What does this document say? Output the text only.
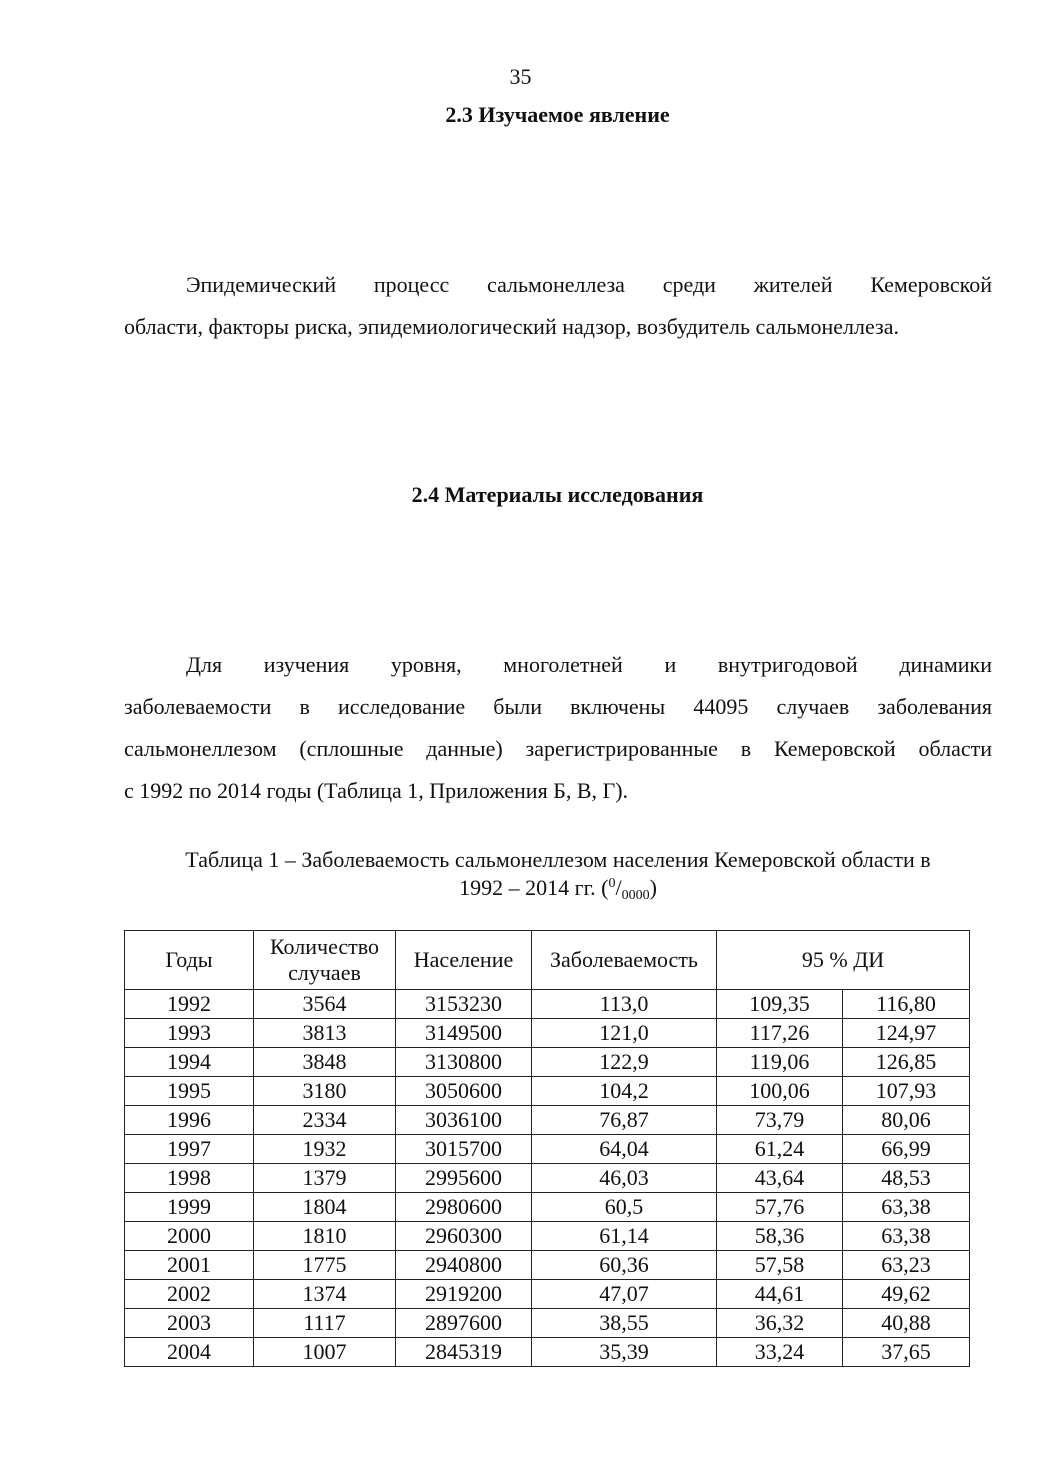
35
2.3 Изучаемое явление
Эпидемический процесс сальмонеллеза среди жителей Кемеровской
области, факторы риска, эпидемиологический надзор, возбудитель сальмонеллеза.
2.4 Материалы исследования
Для изучения уровня, многолетней и внутригодовой динамики
заболеваемости в исследование были включены 44095 случаев заболевания
сальмонеллезом (сплошные данные) зарегистрированные в Кемеровской области
с 1992 по 2014 годы (Таблица 1, Приложения Б, В, Г).
Таблица 1 – Заболеваемость сальмонеллезом населения Кемеровской области в
1992 – 2014 гг. $(^0/_{0000})$
Годы	Количество случаев	Население	Заболеваемость	95 % ДИ	
1992	3564	3153230	113,0	109,35	116,80
1993	3813	3149500	121,0	117,26	124,97
1994	3848	3130800	122,9	119,06	126,85
1995	3180	3050600	104,2	100,06	107,93
1996	2334	3036100	76,87	73,79	80,06
1997	1932	3015700	64,04	61,24	66,99
1998	1379	2995600	46,03	43,64	48,53
1999	1804	2980600	60,5	57,76	63,38
2000	1810	2960300	61,14	58,36	63,38
2001	1775	2940800	60,36	57,58	63,23
2002	1374	2919200	47,07	44,61	49,62
2003	1117	2897600	38,55	36,32	40,88
2004	1007	2845319	35,39	33,24	37,65
